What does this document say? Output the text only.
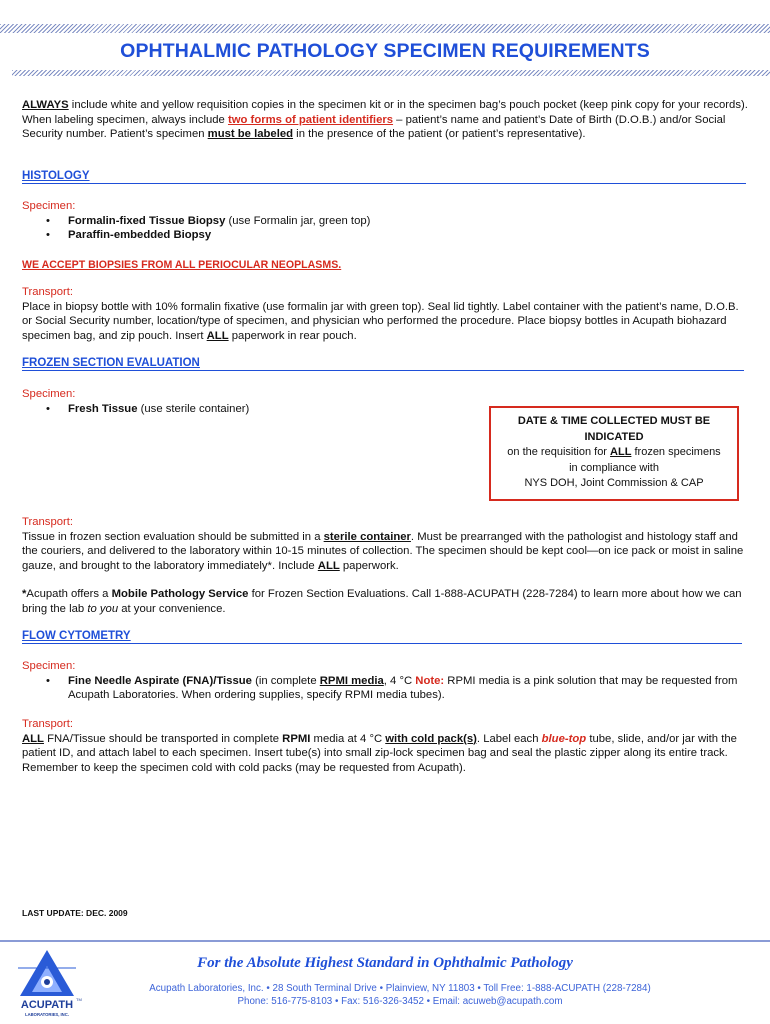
OPHTHALMIC PATHOLOGY SPECIMEN REQUIREMENTS

ALWAYS include white and yellow requisition copies in the specimen kit or in the specimen bag’s pouch pocket (keep pink copy for your records). When labeling specimen, always include two forms of patient identifiers – patient’s name and patient’s Date of Birth (D.O.B.) and/or Social Security number. Patient’s specimen must be labeled in the presence of the patient (or patient’s representative).

HISTOLOGY

Specimen:

• Formalin-fixed Tissue Biopsy (use Formalin jar, green top)
• Paraffin-embedded Biopsy

WE ACCEPT BIOPSIES FROM ALL PERIOCULAR NEOPLASMS.

Transport:

Place in biopsy bottle with 10% formalin fixative (use formalin jar with green top). Seal lid tightly. Label container with the patient’s name, D.O.B. or Social Security number, location/type of specimen, and physician who performed the procedure. Place biopsy bottles in Acupath biohazard specimen bag, and zip pouch. Insert ALL paperwork in rear pouch.

FROZEN SECTION EVALUATION

Specimen:

• Fresh Tissue (use sterile container)
DATE & TIME COLLECTED MUST BE
INDICATED
on the requisition for ALL frozen specimens
in compliance with
NYS DOH, Joint Commission & CAP

Transport:

Tissue in frozen section evaluation should be submitted in a sterile container. Must be prearranged with the pathologist and histology staff and the couriers, and delivered to the laboratory within 10-15 minutes of collection. The specimen should be kept cool—on ice pack or moist in saline gauze, and brought to the laboratory immediately*. Include ALL paperwork.

*Acupath offers a Mobile Pathology Service for Frozen Section Evaluations. Call 1-888-ACUPATH (228-7284) to learn more about how we can bring the lab to you at your convenience.

FLOW CYTOMETRY

Specimen:

• Fine Needle Aspirate (FNA)/Tissue (in complete RPMI media, 4 °C Note: RPMI media is a pink solution that may be requested from Acupath Laboratories. When ordering supplies, specify RPMI media tubes).

Transport:

ALL FNA/Tissue should be transported in complete RPMI media at 4 °C with cold pack(s). Label each blue-top tube, slide, and/or jar with the patient ID, and attach label to each specimen. Insert tube(s) into small zip-lock specimen bag and seal the plastic zipper along its entire track. Remember to keep the specimen cold with cold packs (may be requested from Acupath).

LAST UPDATE: DEC. 2009
ACUPATH TM
LABORATORIES, INC.
For the Absolute Highest Standard in Ophthalmic Pathology
Acupath Laboratories, Inc. • 28 South Terminal Drive • Plainview, NY 11803 • Toll Free: 1-888-ACUPATH (228-7284)
Phone: 516-775-8103 • Fax: 516-326-3452 • Email: acuweb@acupath.com
